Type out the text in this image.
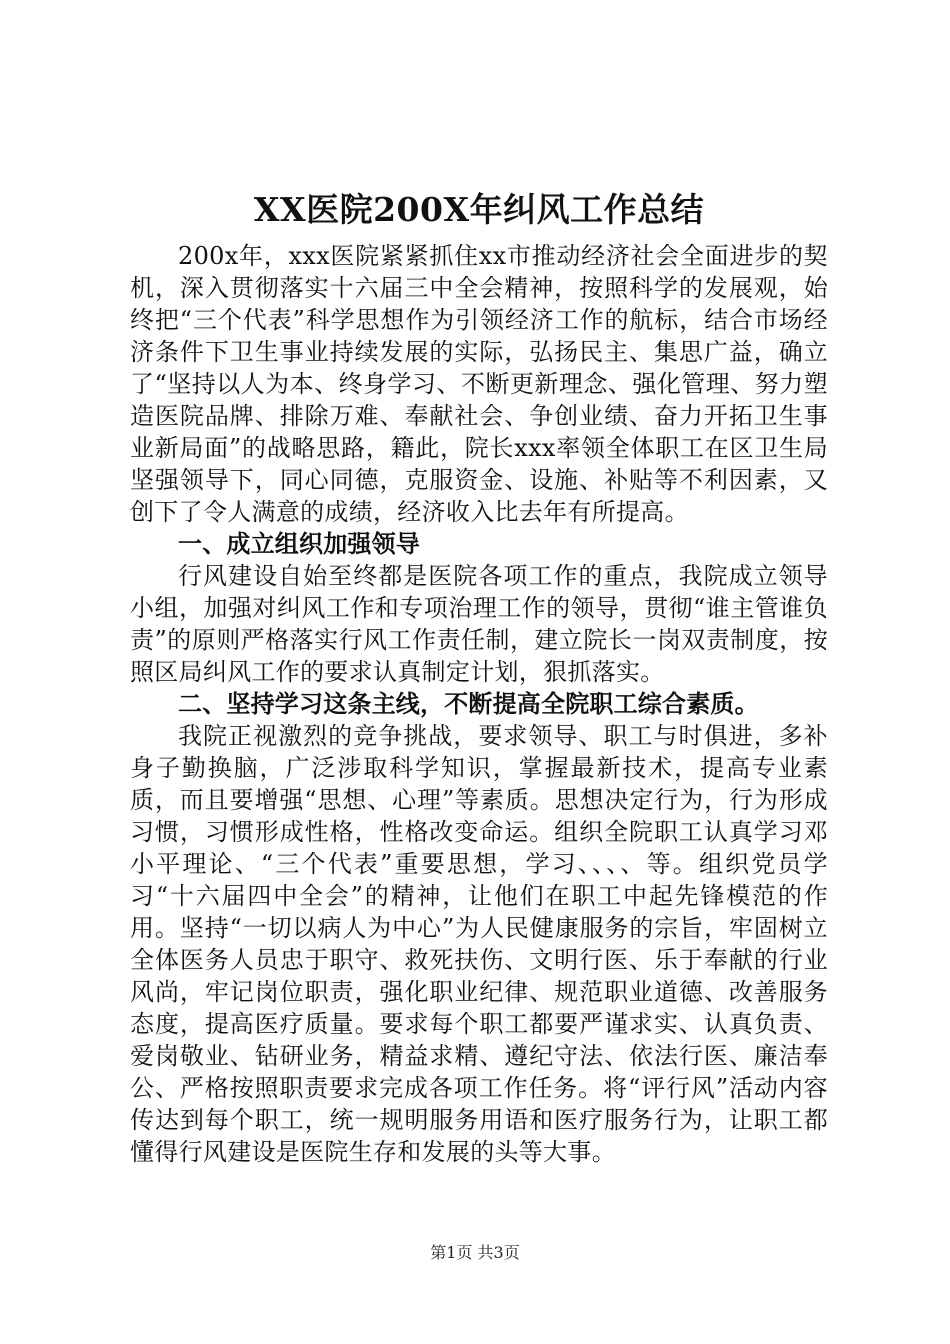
XX医院200X年纠风工作总结

200x年，xxx医院紧紧抓住xx市推动经济社会全面进步的契机，深入贯彻落实十六届三中全会精神，按照科学的发展观，始终把“三个代表”科学思想作为引领经济工作的航标，结合市场经济条件下卫生事业持续发展的实际，弘扬民主、集思广益，确立了“坚持以人为本、终身学习、不断更新理念、强化管理、努力塑造医院品牌、排除万难、奉献社会、争创业绩、奋力开拓卫生事业新局面”的战略思路，籍此，院长xxx率领全体职工在区卫生局坚强领导下，同心同德，克服资金、设施、补贴等不利因素，又创下了令人满意的成绩，经济收入比去年有所提高。

一、成立组织加强领导

行风建设自始至终都是医院各项工作的重点，我院成立领导小组，加强对纠风工作和专项治理工作的领导，贯彻“谁主管谁负责”的原则严格落实行风工作责任制，建立院长一岗双责制度，按照区局纠风工作的要求认真制定计划，狠抓落实。

二、坚持学习这条主线，不断提高全院职工综合素质。

我院正视激烈的竞争挑战，要求领导、职工与时俱进，多补身子勤换脑，广泛涉取科学知识，掌握最新技术，提高专业素质，而且要增强“思想、心理”等素质。思想决定行为，行为形成习惯，习惯形成性格，性格改变命运。组织全院职工认真学习邓小平理论、“三个代表”重要思想，学习、、、、等。组织党员学习“十六届四中全会”的精神，让他们在职工中起先锋模范的作用。坚持“一切以病人为中心”为人民健康服务的宗旨，牢固树立全体医务人员忠于职守、救死扶伤、文明行医、乐于奉献的行业风尚，牢记岗位职责，强化职业纪律、规范职业道德、改善服务态度，提高医疗质量。要求每个职工都要严谨求实、认真负责、爱岗敬业、钻研业务，精益求精、遵纪守法、依法行医、廉洁奉公、严格按照职责要求完成各项工作任务。将“评行风”活动内容传达到每个职工，统一规明服务用语和医疗服务行为，让职工都懂得行风建设是医院生存和发展的头等大事。

第1页 共3页
